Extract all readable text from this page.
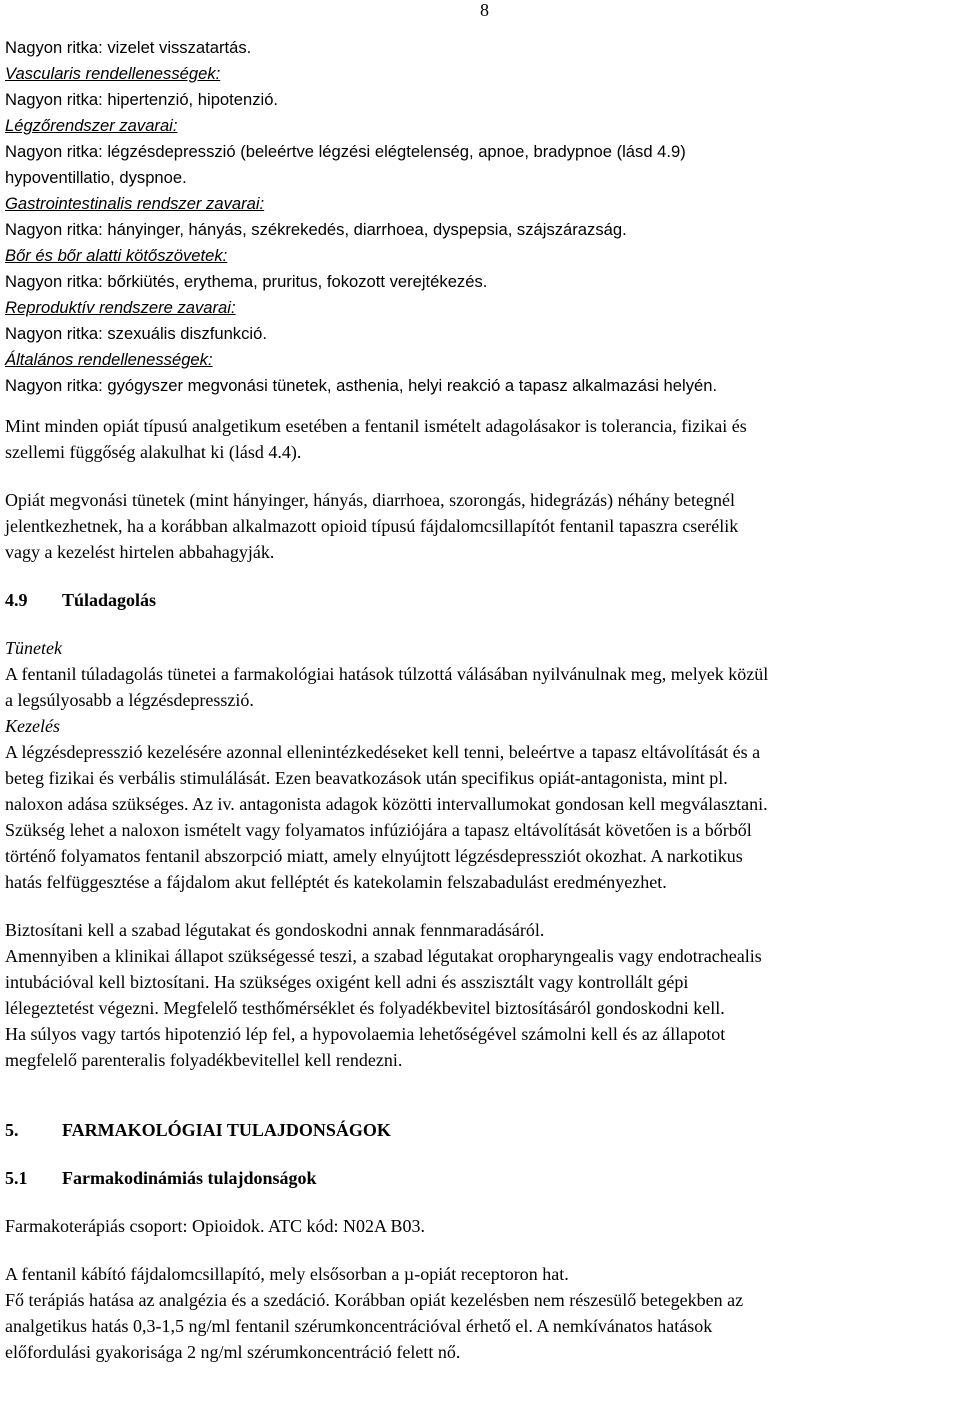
8
Nagyon ritka: vizelet visszatartás.
Vascularis rendellenességek:
Nagyon ritka: hipertenzió, hipotenzió.
Légzőrendszer zavarai:
Nagyon ritka: légzésdepresszió (beleértve légzési elégtelenség, apnoe, bradypnoe (lásd 4.9)
hypoventillatio, dyspnoe.
Gastrointestinalis rendszer zavarai:
Nagyon ritka: hányinger, hányás, székrekedés, diarrhoea, dyspepsia, szájszárazság.
Bőr és bőr alatti kötőszövetek:
Nagyon ritka: bőrkiütés, erythema, pruritus, fokozott verejtékezés.
Reproduktív rendszere zavarai:
Nagyon ritka: szexuális diszfunkció.
Általános rendellenességek:
Nagyon ritka: gyógyszer megvonási tünetek, asthenia, helyi reakció a tapasz alkalmazási helyén.
Mint minden opiát típusú analgetikum esetében a fentanil ismételt adagolásakor is tolerancia, fizikai és
szellemi függőség alakulhat ki (lásd 4.4).
Opiát megvonási tünetek (mint hányinger, hányás, diarrhoea, szorongás, hidegrázás) néhány betegnél
jelentkezhetnek, ha a korábban alkalmazott opioid típusú fájdalomcsillapítót fentanil tapaszra cserélik
vagy a kezelést hirtelen abbahagyják.
4.9 Túladagolás
Tünetek
A fentanil túladagolás tünetei a farmakológiai hatások túlzottá válásában nyilvánulnak meg, melyek közül
a legsúlyosabb a légzésdepresszió.
Kezelés
A légzésdepresszió kezelésére azonnal ellenintézkedéseket kell tenni, beleértve a tapasz eltávolítását és a
beteg fizikai és verbális stimulálását. Ezen beavatkozások után specifikus opiát-antagonista, mint pl.
naloxon adása szükséges. Az iv. antagonista adagok közötti intervallumokat gondosan kell megválasztani.
Szükség lehet a naloxon ismételt vagy folyamatos infúziójára a tapasz eltávolítását követően is a bőrből
történő folyamatos fentanil abszorpció miatt, amely elnyújtott légzésdepressziót okozhat. A narkotikus
hatás felfüggesztése a fájdalom akut felléptét és katekolamin felszabadulást eredményezhet.
Biztosítani kell a szabad légutakat és gondoskodni annak fennmaradásáról.
Amennyiben a klinikai állapot szükségessé teszi, a szabad légutakat oropharyngealis vagy endotrachealis
intubációval kell biztosítani. Ha szükséges oxigént kell adni és asszisztált vagy kontrollált gépi
lélegeztetést végezni. Megfelelő testhőmérséklet és folyadékbevitel biztosításáról gondoskodni kell.
Ha súlyos vagy tartós hipotenzió lép fel, a hypovolaemia lehetőségével számolni kell és az állapotot
megfelelő parenteralis folyadékbevitellel kell rendezni.
5. FARMAKOLÓGIAI TULAJDONSÁGOK
5.1 Farmakodinámiás tulajdonságok
Farmakoterápiás csoport: Opioidok. ATC kód: N02A B03.
A fentanil kábító fájdalomcsillapító, mely elsősorban a µ-opiát receptoron hat.
Fő terápiás hatása az analgézia és a szedáció. Korábban opiát kezelésben nem részesülő betegekben az
analgetikus hatás 0,3-1,5 ng/ml fentanil szérumkoncentrációval érhető el. A nemkívánatos hatások
előfordulási gyakorisága 2 ng/ml szérumkoncentráció felett nő.
